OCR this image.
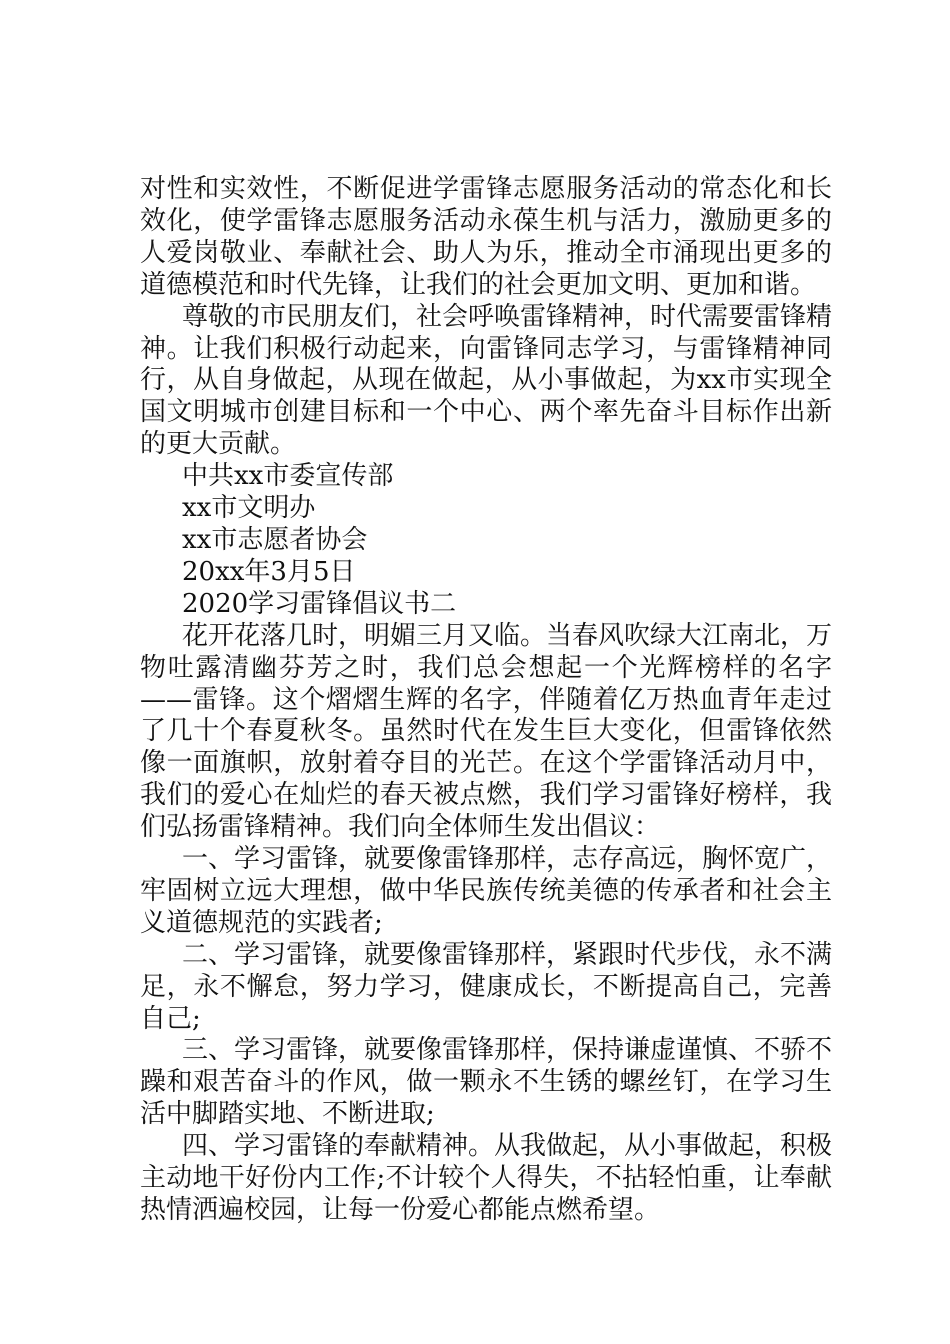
对性和实效性，不断促进学雷锋志愿服务活动的常态化和长效化，使学雷锋志愿服务活动永葆生机与活力，激励更多的人爱岗敬业、奉献社会、助人为乐，推动全市涌现出更多的道德模范和时代先锋，让我们的社会更加文明、更加和谐。

尊敬的市民朋友们，社会呼唤雷锋精神，时代需要雷锋精神。让我们积极行动起来，向雷锋同志学习，与雷锋精神同行，从自身做起，从现在做起，从小事做起，为xx市实现全国文明城市创建目标和一个中心、两个率先奋斗目标作出新的更大贡献。

中共xx市委宣传部

xx市文明办

xx市志愿者协会

20xx年3月5日

2020学习雷锋倡议书二

花开花落几时，明媚三月又临。当春风吹绿大江南北，万物吐露清幽芬芳之时，我们总会想起一个光辉榜样的名字——雷锋。这个熠熠生辉的名字，伴随着亿万热血青年走过了几十个春夏秋冬。虽然时代在发生巨大变化，但雷锋依然像一面旗帜，放射着夺目的光芒。在这个学雷锋活动月中，我们的爱心在灿烂的春天被点燃，我们学习雷锋好榜样，我们弘扬雷锋精神。我们向全体师生发出倡议：

一、学习雷锋，就要像雷锋那样，志存高远，胸怀宽广，牢固树立远大理想，做中华民族传统美德的传承者和社会主义道德规范的实践者;

二、学习雷锋，就要像雷锋那样，紧跟时代步伐，永不满足，永不懈怠，努力学习，健康成长，不断提高自己，完善自己;

三、学习雷锋，就要像雷锋那样，保持谦虚谨慎、不骄不躁和艰苦奋斗的作风，做一颗永不生锈的螺丝钉，在学习生活中脚踏实地、不断进取;

四、学习雷锋的奉献精神。从我做起，从小事做起，积极主动地干好份内工作;不计较个人得失，不拈轻怕重，让奉献热情洒遍校园，让每一份爱心都能点燃希望。
